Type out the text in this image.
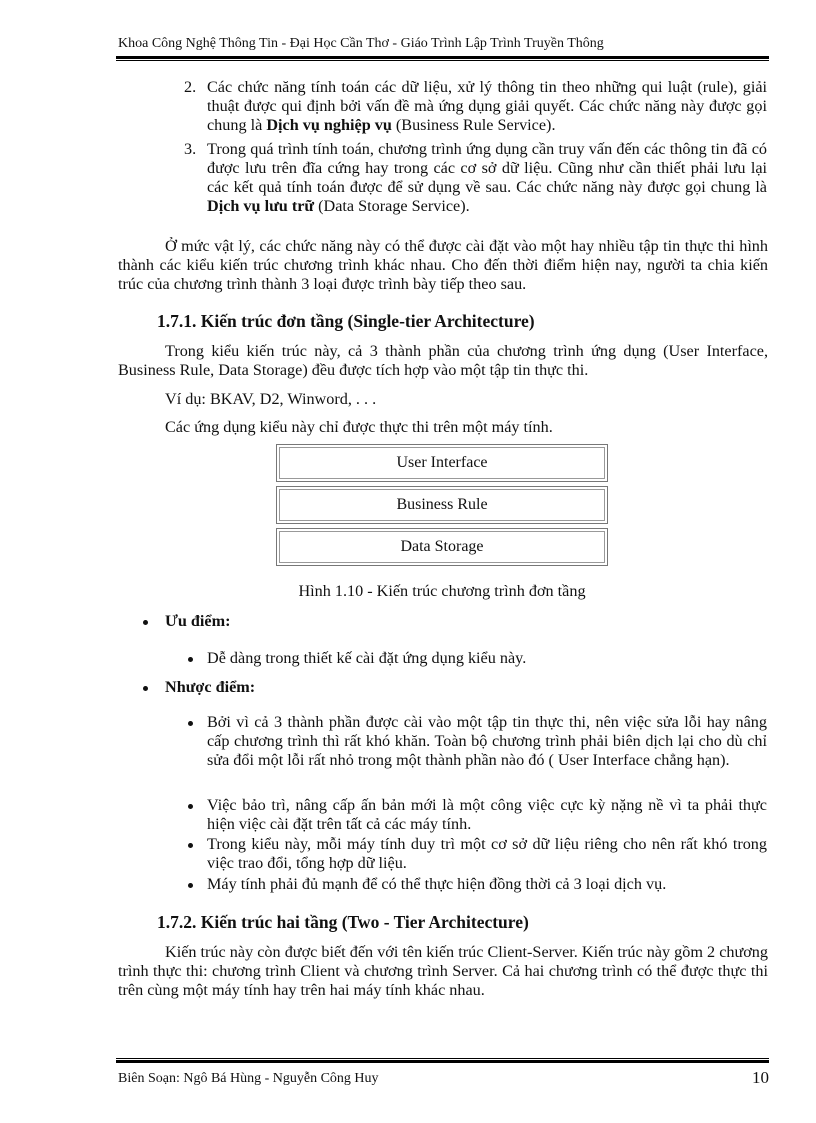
Khoa Công Nghệ Thông Tin - Đại Học Cần Thơ - Giáo Trình Lập Trình Truyền Thông
2. Các chức năng tính toán các dữ liệu, xử lý thông tin theo những qui luật (rule), giải thuật được qui định bởi vấn đề mà ứng dụng giải quyết. Các chức năng này được gọi chung là Dịch vụ nghiệp vụ (Business Rule Service).
3. Trong quá trình tính toán, chương trình ứng dụng cần truy vấn đến các thông tin đã có được lưu trên đĩa cứng hay trong các cơ sở dữ liệu. Cũng như cần thiết phải lưu lại các kết quả tính toán được để sử dụng về sau. Các chức năng này được gọi chung là Dịch vụ lưu trữ (Data Storage Service).
Ở mức vật lý, các chức năng này có thể được cài đặt vào một hay nhiều tập tin thực thi hình thành các kiểu kiến trúc chương trình khác nhau. Cho đến thời điểm hiện nay, người ta chia kiến trúc của chương trình thành 3 loại được trình bày tiếp theo sau.
1.7.1. Kiến trúc đơn tầng (Single-tier Architecture)
Trong kiểu kiến trúc này, cả 3 thành phần của chương trình ứng dụng (User Interface, Business Rule, Data Storage) đều được tích hợp vào một tập tin thực thi.
Ví dụ: BKAV, D2, Winword, . . .
Các ứng dụng kiểu này chỉ được thực thi trên một máy tính.
User Interface
Business Rule
Data Storage
Hình 1.10 - Kiến trúc chương trình đơn tầng
Ưu điểm:
Dễ dàng trong thiết kế cài đặt ứng dụng kiểu này.
Nhược điểm:
Bởi vì cả 3 thành phần được cài vào một tập tin thực thi, nên việc sửa lỗi hay nâng cấp chương trình thì rất khó khăn. Toàn bộ chương trình phải biên dịch lại cho dù chỉ sửa đổi một lỗi rất nhỏ trong một thành phần nào đó ( User Interface chẳng hạn).
Việc bảo trì, nâng cấp ấn bản mới là một công việc cực kỳ nặng nề vì ta phải thực hiện việc cài đặt trên tất cả các máy tính.
Trong kiểu này, mỗi máy tính duy trì một cơ sở dữ liệu riêng cho nên rất khó trong việc trao đổi, tổng hợp dữ liệu.
Máy tính phải đủ mạnh để có thể thực hiện đồng thời cả 3 loại dịch vụ.
1.7.2. Kiến trúc hai tầng (Two - Tier Architecture)
Kiến trúc này còn được biết đến với tên kiến trúc Client-Server. Kiến trúc này gồm 2 chương trình thực thi: chương trình Client và chương trình Server. Cả hai chương trình có thể được thực thi trên cùng một máy tính hay trên hai máy tính khác nhau.
Biên Soạn: Ngô Bá Hùng - Nguyễn Công Huy	10
